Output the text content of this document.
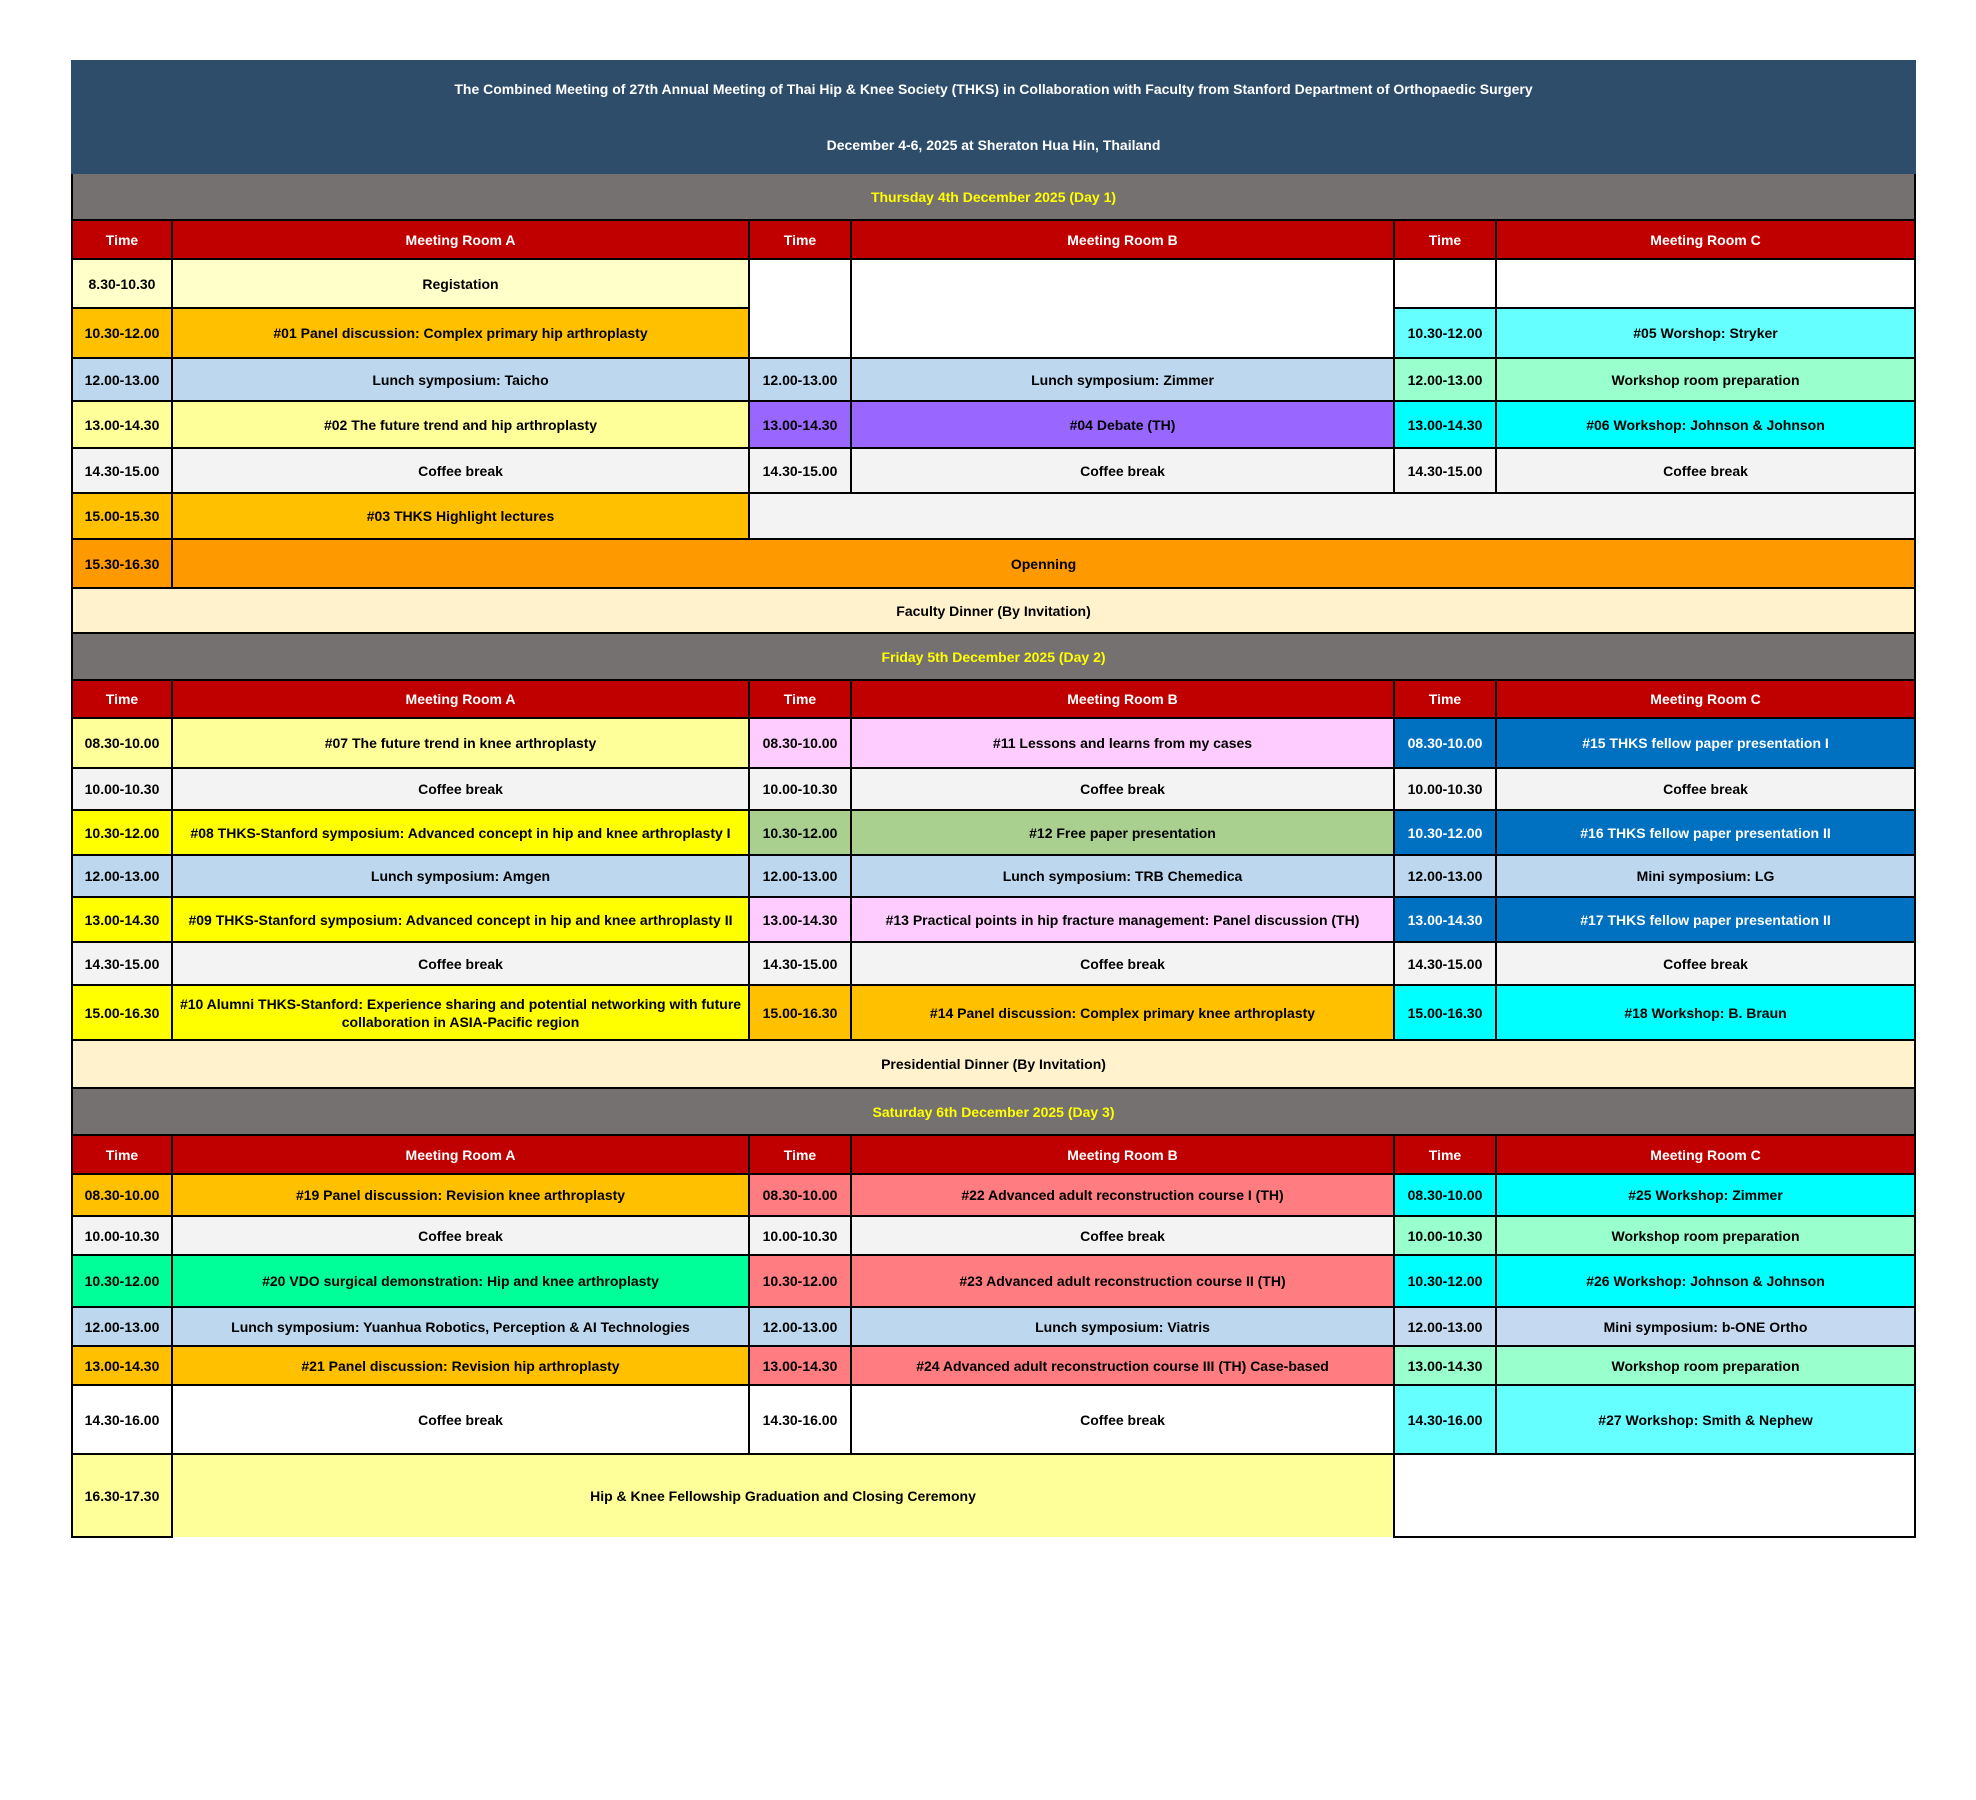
The Combined Meeting of 27th Annual Meeting of Thai Hip & Knee Society (THKS) in Collaboration with Faculty from Stanford Department of Orthopaedic Surgery					
December 4-6, 2025 at Sheraton Hua Hin, Thailand					
Thursday 4th December 2025 (Day 1)					
Time	Meeting Room A	Time	Meeting Room B	Time	Meeting Room C
8.30-10.30	Registation				
10.30-12.00	#01 Panel discussion: Complex primary hip arthroplasty			10.30-12.00	#05 Worshop: Stryker
12.00-13.00	Lunch symposium: Taicho	12.00-13.00	Lunch symposium: Zimmer	12.00-13.00	Workshop room preparation
13.00-14.30	#02 The future trend and hip arthroplasty	13.00-14.30	#04 Debate (TH)	13.00-14.30	#06 Workshop: Johnson & Johnson
14.30-15.00	Coffee break	14.30-15.00	Coffee break	14.30-15.00	Coffee break
15.00-15.30	#03 THKS Highlight lectures				
15.30-16.30	Openning				
Faculty Dinner (By Invitation)					
Friday 5th December 2025 (Day 2)					
Time	Meeting Room A	Time	Meeting Room B	Time	Meeting Room C
08.30-10.00	#07 The future trend in knee arthroplasty	08.30-10.00	#11 Lessons and learns from my cases	08.30-10.00	#15 THKS fellow paper presentation I
10.00-10.30	Coffee break	10.00-10.30	Coffee break	10.00-10.30	Coffee break
10.30-12.00	#08 THKS-Stanford symposium: Advanced concept in hip and knee arthroplasty I	10.30-12.00	#12 Free paper presentation	10.30-12.00	#16 THKS fellow paper presentation II
12.00-13.00	Lunch symposium: Amgen	12.00-13.00	Lunch symposium: TRB Chemedica	12.00-13.00	Mini symposium: LG
13.00-14.30	#09 THKS-Stanford symposium: Advanced concept in hip and knee arthroplasty II	13.00-14.30	#13 Practical points in hip fracture management: Panel discussion (TH)	13.00-14.30	#17 THKS fellow paper presentation II
14.30-15.00	Coffee break	14.30-15.00	Coffee break	14.30-15.00	Coffee break
15.00-16.30	#10 Alumni THKS-Stanford: Experience sharing and potential networking with future collaboration in ASIA-Pacific region	15.00-16.30	#14 Panel discussion: Complex primary knee arthroplasty	15.00-16.30	#18 Workshop: B. Braun
Presidential Dinner (By Invitation)					
Saturday 6th December 2025 (Day 3)					
Time	Meeting Room A	Time	Meeting Room B	Time	Meeting Room C
08.30-10.00	#19 Panel discussion: Revision knee arthroplasty	08.30-10.00	#22 Advanced adult reconstruction course I (TH)	08.30-10.00	#25 Workshop: Zimmer
10.00-10.30	Coffee break	10.00-10.30	Coffee break	10.00-10.30	Workshop room preparation
10.30-12.00	#20 VDO surgical demonstration: Hip and knee arthroplasty	10.30-12.00	#23 Advanced adult reconstruction course II (TH)	10.30-12.00	#26 Workshop: Johnson & Johnson
12.00-13.00	Lunch symposium: Yuanhua Robotics, Perception & AI Technologies	12.00-13.00	Lunch symposium: Viatris	12.00-13.00	Mini symposium: b-ONE Ortho
13.00-14.30	#21 Panel discussion: Revision hip arthroplasty	13.00-14.30	#24 Advanced adult reconstruction course III (TH) Case-based	13.00-14.30	Workshop room preparation
14.30-16.00	Coffee break	14.30-16.00	Coffee break	14.30-16.00	#27 Workshop: Smith & Nephew
16.30-17.30	Hip & Knee Fellowship Graduation and Closing Ceremony				
